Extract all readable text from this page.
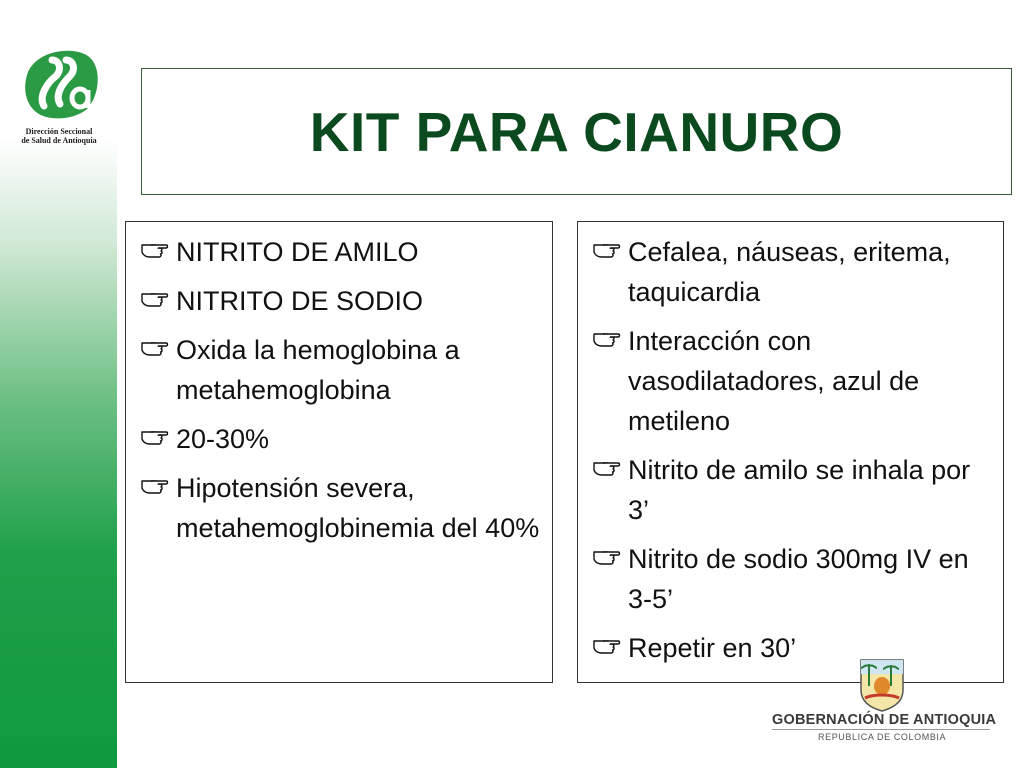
Dirección Seccional
de Salud de Antioquia	KIT PARA CIANURO
NITRITO DE AMILO
NITRITO DE SODIO
Oxida la hemoglobina a metahemoglobina
20-30%
Hipotensión severa, metahemoglobinemia del 40%
Cefalea, náuseas, eritema, taquicardia
Interacción con vasodilatadores, azul de metileno
Nitrito de amilo se inhala por 3’
Nitrito de sodio 300mg IV en 3-5’
Repetir en 30’
GOBERNACIÓN DE ANTIOQUIA
REPUBLICA DE COLOMBIA
